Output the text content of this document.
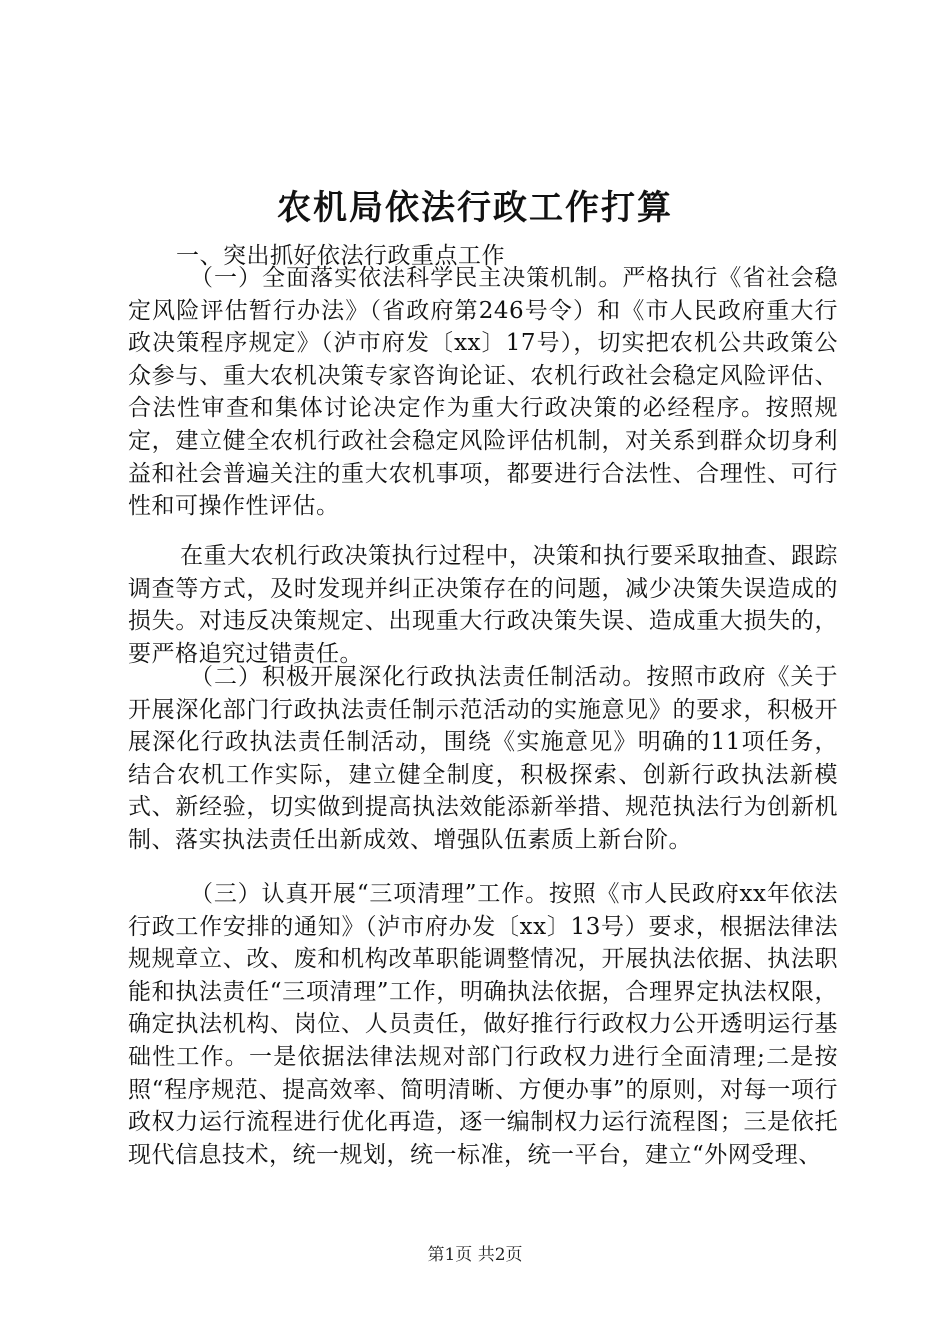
农机局依法行政工作打算

一、突出抓好依法行政重点工作

（一）全面落实依法科学民主决策机制。严格执行《省社会稳定风险评估暂行办法》（省政府第246号令）和《市人民政府重大行政决策程序规定》（泸市府发〔xx〕17号），切实把农机公共政策公众参与、重大农机决策专家咨询论证、农机行政社会稳定风险评估、合法性审查和集体讨论决定作为重大行政决策的必经程序。按照规定，建立健全农机行政社会稳定风险评估机制，对关系到群众切身利益和社会普遍关注的重大农机事项，都要进行合法性、合理性、可行性和可操作性评估。

在重大农机行政决策执行过程中，决策和执行要采取抽查、跟踪调查等方式，及时发现并纠正决策存在的问题，减少决策失误造成的损失。对违反决策规定、出现重大行政决策失误、造成重大损失的，要严格追究过错责任。

（二）积极开展深化行政执法责任制活动。按照市政府《关于开展深化部门行政执法责任制示范活动的实施意见》的要求，积极开展深化行政执法责任制活动，围绕《实施意见》明确的11项任务，结合农机工作实际，建立健全制度，积极探索、创新行政执法新模式、新经验，切实做到提高执法效能添新举措、规范执法行为创新机制、落实执法责任出新成效、增强队伍素质上新台阶。

（三）认真开展“三项清理”工作。按照《市人民政府xx年依法行政工作安排的通知》（泸市府办发〔xx〕13号）要求，根据法律法规规章立、改、废和机构改革职能调整情况，开展执法依据、执法职能和执法责任“三项清理”工作，明确执法依据，合理界定执法权限，确定执法机构、岗位、人员责任，做好推行行政权力公开透明运行基础性工作。一是依据法律法规对部门行政权力进行全面清理;二是按照“程序规范、提高效率、简明清晰、方便办事”的原则，对每一项行政权力运行流程进行优化再造，逐一编制权力运行流程图；三是依托现代信息技术，统一规划，统一标准，统一平台，建立“外网受理、

第1页 共2页
